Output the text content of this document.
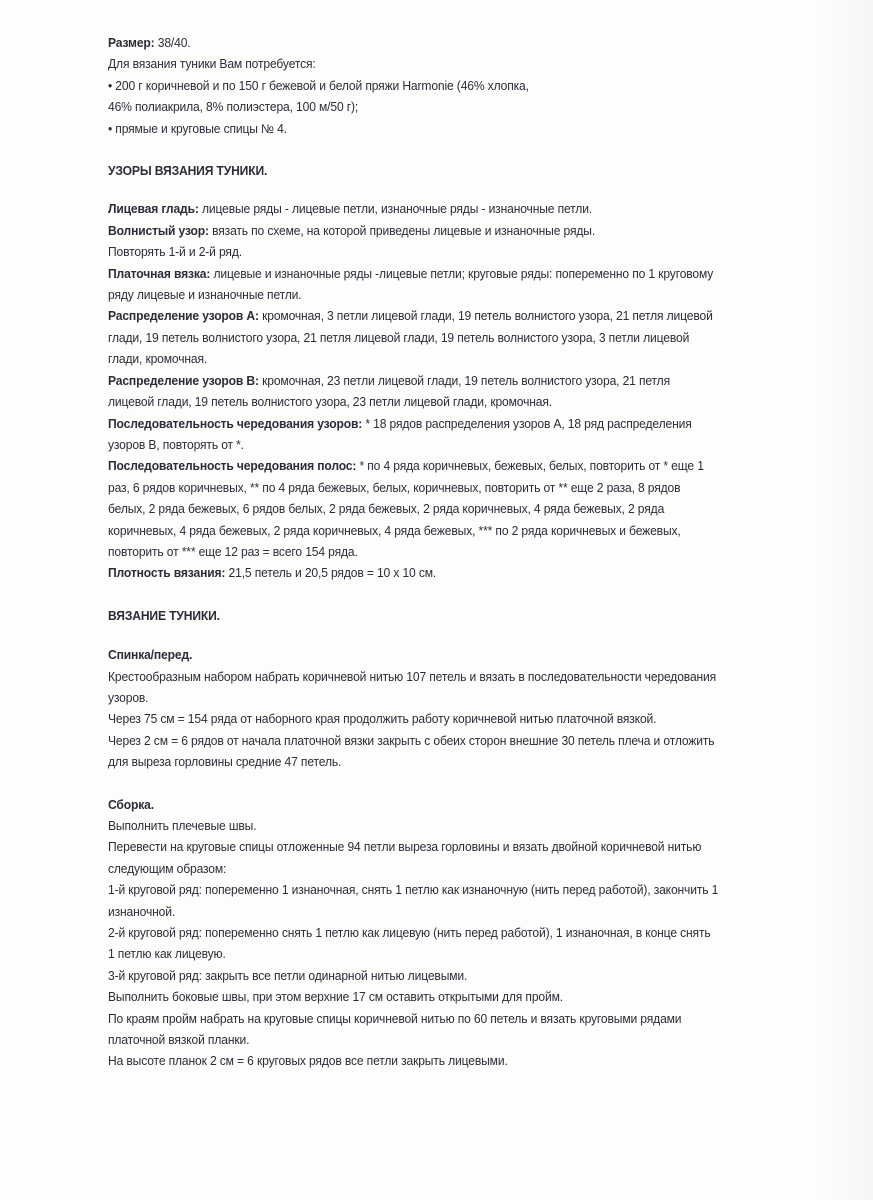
Размер: 38/40.
Для вязания туники Вам потребуется:
• 200 г коричневой и по 150 г бежевой и белой пряжи Harmonie (46% хлопка,
46% полиакрила, 8% полиэстера, 100 м/50 г);
• прямые и круговые спицы № 4.
УЗОРЫ ВЯЗАНИЯ ТУНИКИ.
Лицевая гладь: лицевые ряды - лицевые петли, изнаночные ряды - изнаночные петли.
Волнистый узор: вязать по схеме, на которой приведены лицевые и изнаночные ряды.
Повторять 1-й и 2-й ряд.
Платочная вязка: лицевые и изнаночные ряды -лицевые петли; круговые ряды: попеременно по 1 круговому
ряду лицевые и изнаночные петли.
Распределение узоров А: кромочная, 3 петли лицевой глади, 19 петель волнистого узора, 21 петля лицевой
глади, 19 петель волнистого узора, 21 петля лицевой глади, 19 петель волнистого узора, 3 петли лицевой
глади, кромочная.
Распределение узоров В: кромочная, 23 петли лицевой глади, 19 петель волнистого узора, 21 петля
лицевой глади, 19 петель волнистого узора, 23 петли лицевой глади, кромочная.
Последовательность чередования узоров: * 18 рядов распределения узоров А, 18 ряд распределения
узоров В, повторять от *.
Последовательность чередования полос: * по 4 ряда коричневых, бежевых, белых, повторить от * еще 1
раз, 6 рядов коричневых, ** по 4 ряда бежевых, белых, коричневых, повторить от ** еще 2 раза, 8 рядов
белых, 2 ряда бежевых, 6 рядов белых, 2 ряда бежевых, 2 ряда коричневых, 4 ряда бежевых, 2 ряда
коричневых, 4 ряда бежевых, 2 ряда коричневых, 4 ряда бежевых, *** по 2 ряда коричневых и бежевых,
повторить от *** еще 12 раз = всего 154 ряда.
Плотность вязания: 21,5 петель и 20,5 рядов = 10 х 10 см.
ВЯЗАНИЕ ТУНИКИ.
Спинка/перед.
Крестообразным набором набрать коричневой нитью 107 петель и вязать в последовательности чередования
узоров.
Через 75 см = 154 ряда от наборного края продолжить работу коричневой нитью платочной вязкой.
Через 2 см = 6 рядов от начала платочной вязки закрыть с обеих сторон внешние 30 петель плеча и отложить
для выреза горловины средние 47 петель.
Сборка.
Выполнить плечевые швы.
Перевести на круговые спицы отложенные 94 петли выреза горловины и вязать двойной коричневой нитью
следующим образом:
1-й круговой ряд: попеременно 1 изнаночная, снять 1 петлю как изнаночную (нить перед работой), закончить 1
изнаночной.
2-й круговой ряд: попеременно снять 1 петлю как лицевую (нить перед работой), 1 изнаночная, в конце снять
1 петлю как лицевую.
3-й круговой ряд: закрыть все петли одинарной нитью лицевыми.
Выполнить боковые швы, при этом верхние 17 см оставить открытыми для пройм.
По краям пройм набрать на круговые спицы коричневой нитью по 60 петель и вязать круговыми рядами
платочной вязкой планки.
На высоте планок 2 см = 6 круговых рядов все петли закрыть лицевыми.
